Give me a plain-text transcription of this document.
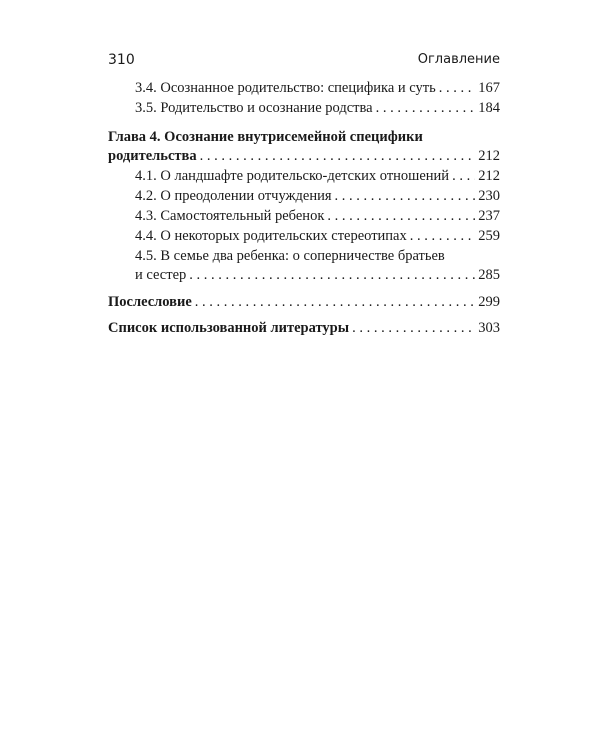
310	Оглавление
3.4. Осознанное родительство: специфика и суть . . .	167
3.5. Родительство и осознание родства . . .	184
Глава 4. Осознание внутрисемейной специфики
родительства . . .	212
4.1. О ландшафте родительско-детских отношений . . . 212
4.2. О преодолении отчуждения . . .	230
4.3. Самостоятельный ребенок . . .	237
4.4. О некоторых родительских стереотипах . . .	259
4.5. В семье два ребенка: о соперничестве братьев
и сестер . . .	285
Послесловие . . .	299
Список использованной литературы . . .	303
